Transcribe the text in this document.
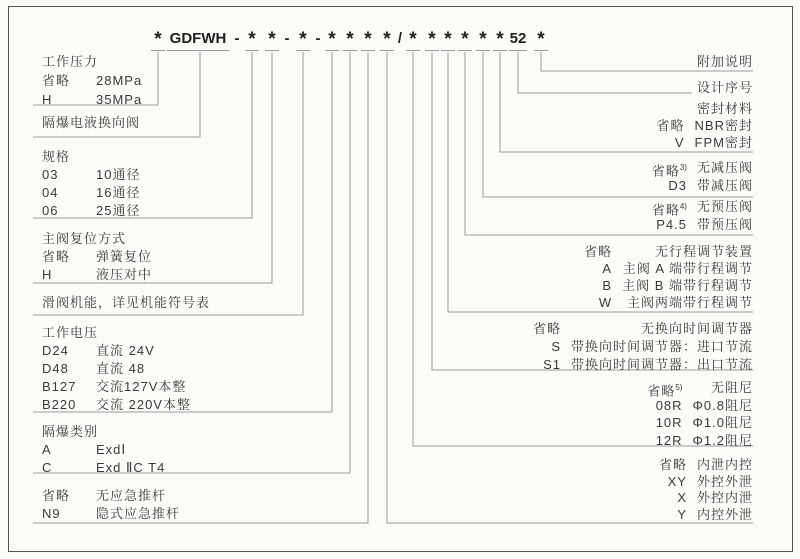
* GDFWH - * * - * - * * * * / * * * * * * 52 *
工作压力
省略	28MPa
H	35MPa
隔爆电液换向阀
规格
03	10通径
04	16通径
06	25通径
主阀复位方式
省略	弹簧复位
H	液压对中
滑阀机能，详见机能符号表
工作电压
D24	直流 24V
D48	直流 48
B127	交流127V本整
B220	交流 220V本整
隔爆类别
A	ExdⅠ
C	Exd ⅡC T4
省略	无应急推杆
N9	隐式应急推杆
附加说明
设计序号
密封材料
省略 NBR密封
V FPM密封
省略$^{3)}$ 无减压阀
D3 带减压阀
省略$^{4)}$ 无预压阀
P4.5 带预压阀
省略	无行程调节装置
A 主阀 A 端带行程调节
B 主阀 B 端带行程调节
W	主阀两端带行程调节
省略	无换向时间调节器
S 带换向时间调节器：进口节流
S1 带换向时间调节器：出口节流
省略$^{5)}$	无阻尼
08R Φ0.8阻尼
10R Φ1.0阻尼
12R Φ1.2阻尼
省略 内泄内控
XY 外控外泄
X 外控内泄
Y 内控外泄
